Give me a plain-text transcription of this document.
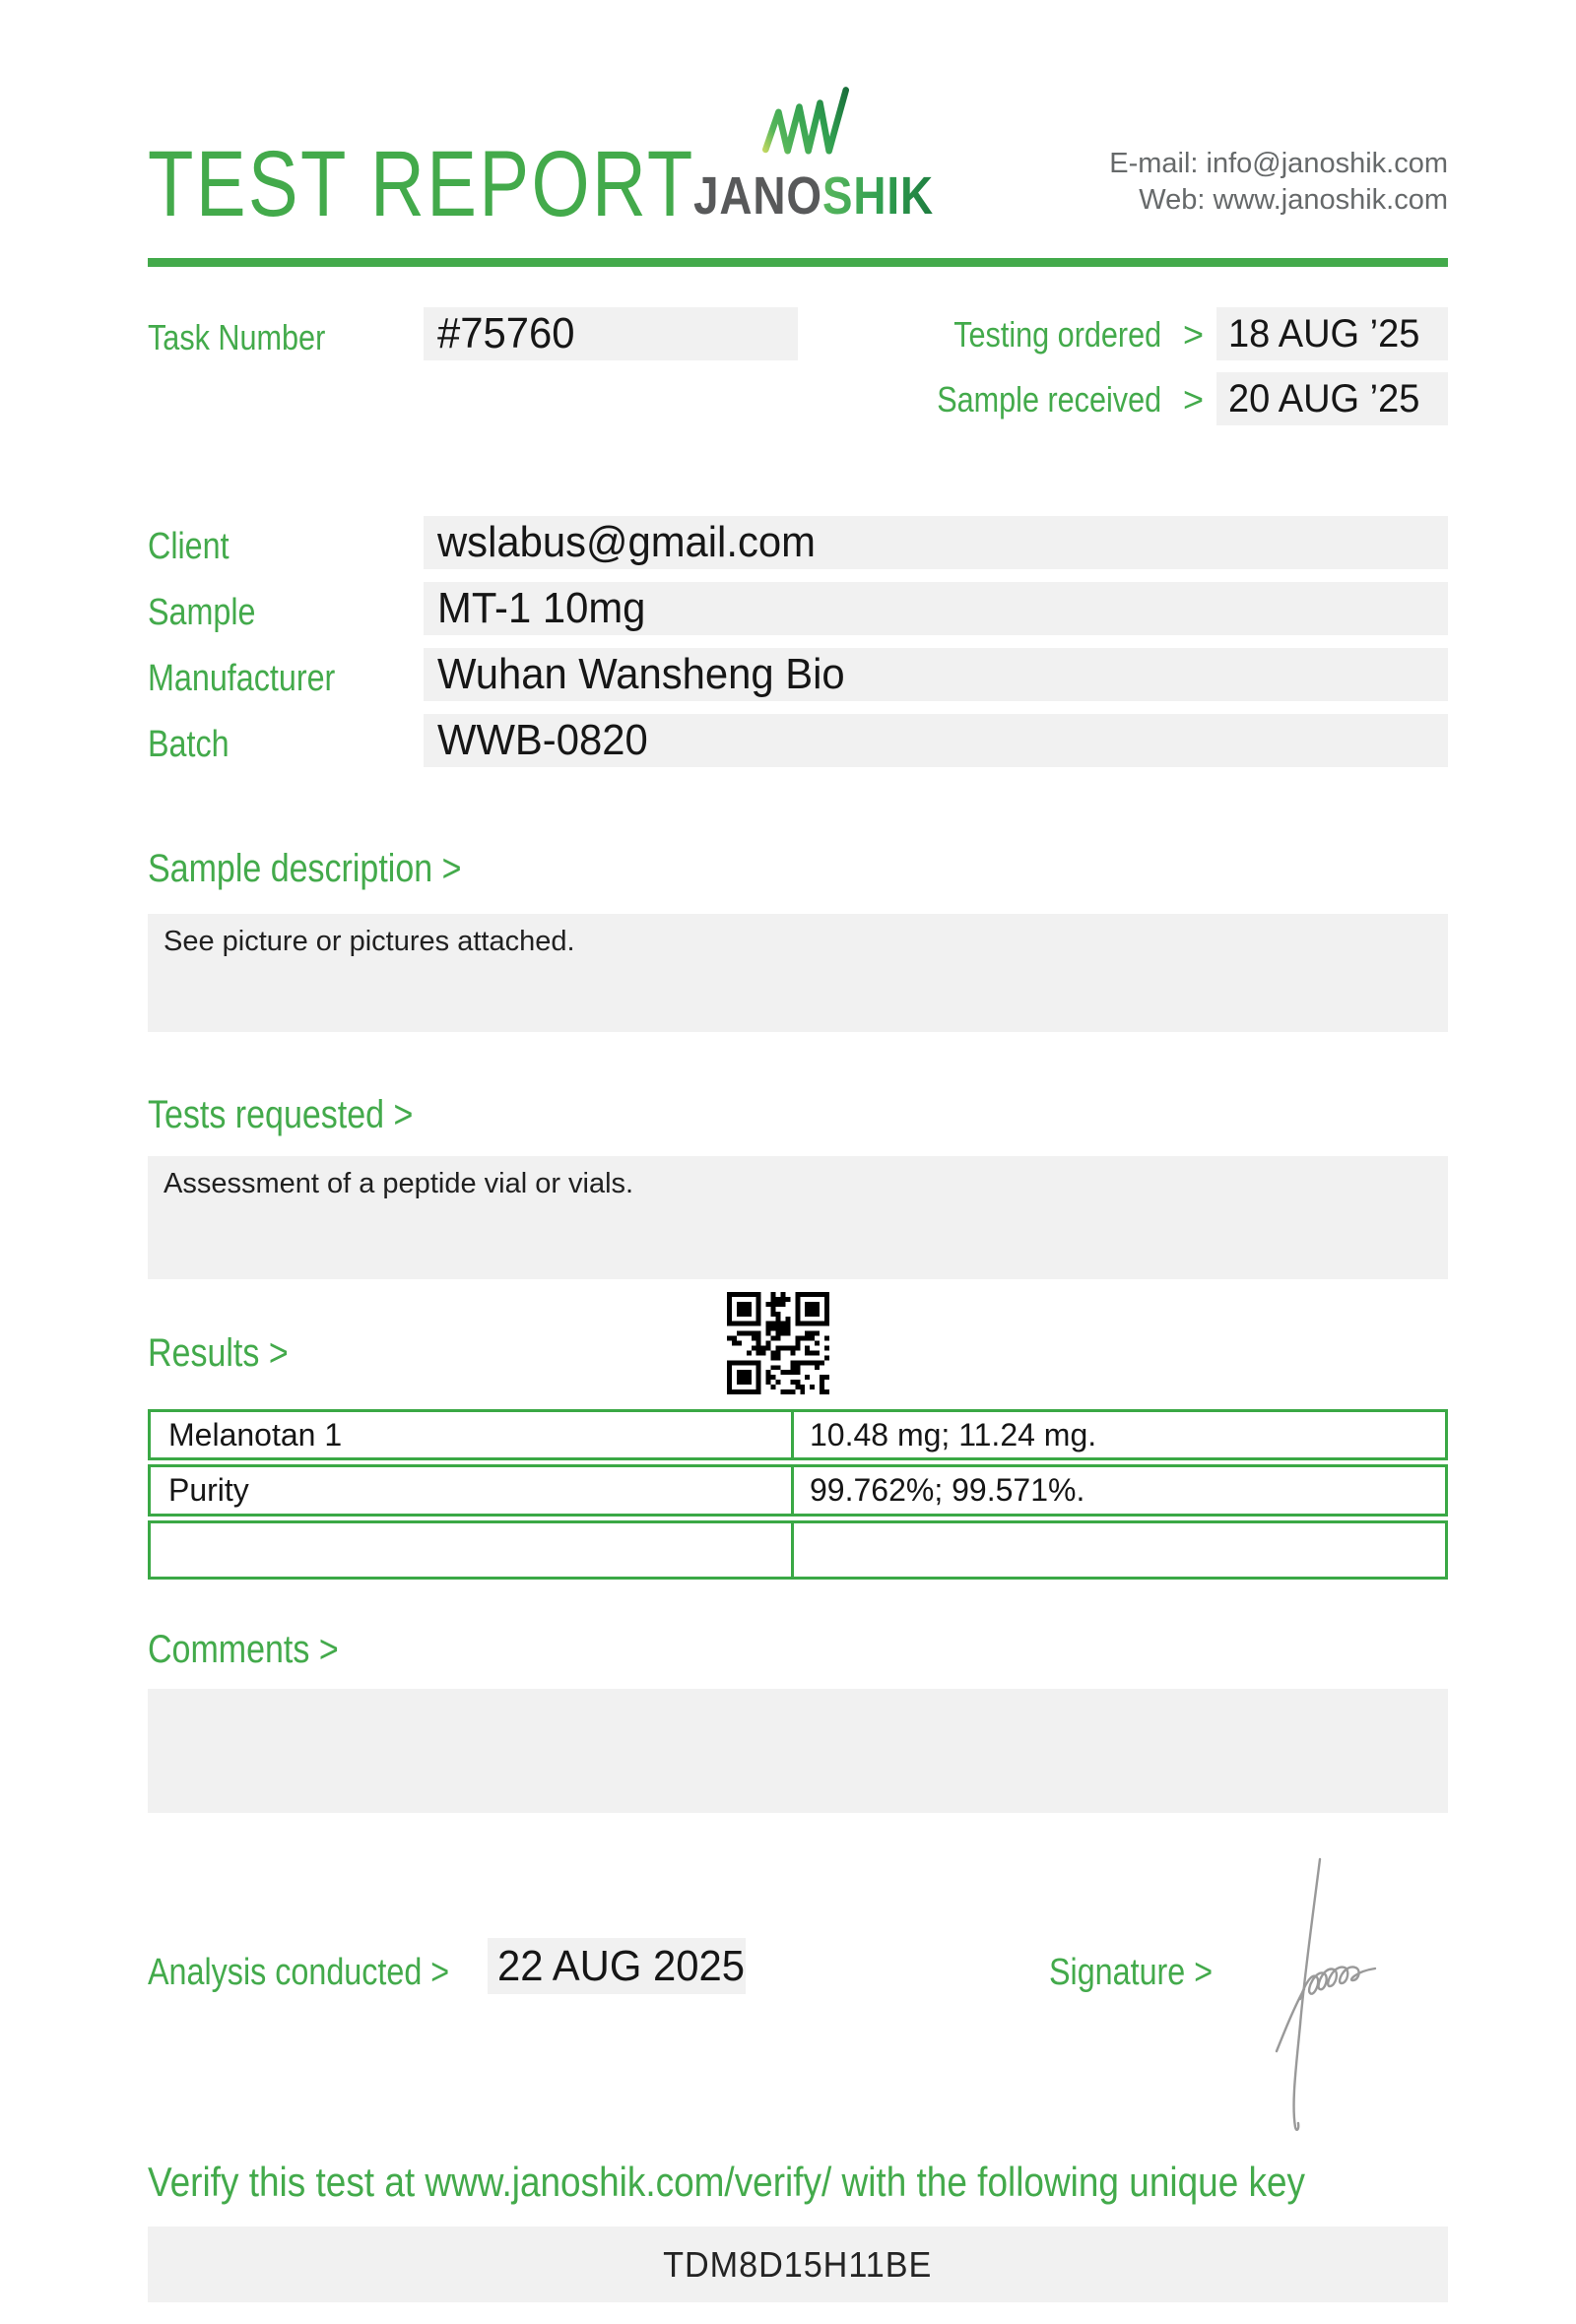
TEST REPORT
JANOSHIK
E-mail: info@janoshik.com
Web: www.janoshik.com
Task Number	#75760	Testing ordered > 18 AUG ’25
Sample received > 20 AUG ’25
Client	wslabus@gmail.com
Sample	MT-1 10mg
Manufacturer	Wuhan Wansheng Bio
Batch	WWB-0820
Sample description >
See picture or pictures attached.
Tests requested >
Assessment of a peptide vial or vials.
Results >
Melanotan 1	10.48 mg; 11.24 mg.
Purity	99.762%; 99.571%.
Comments >
Analysis conducted >	22 AUG 2025	Signature >
Verify this test at www.janoshik.com/verify/ with the following unique key
TDM8D15H11BE
